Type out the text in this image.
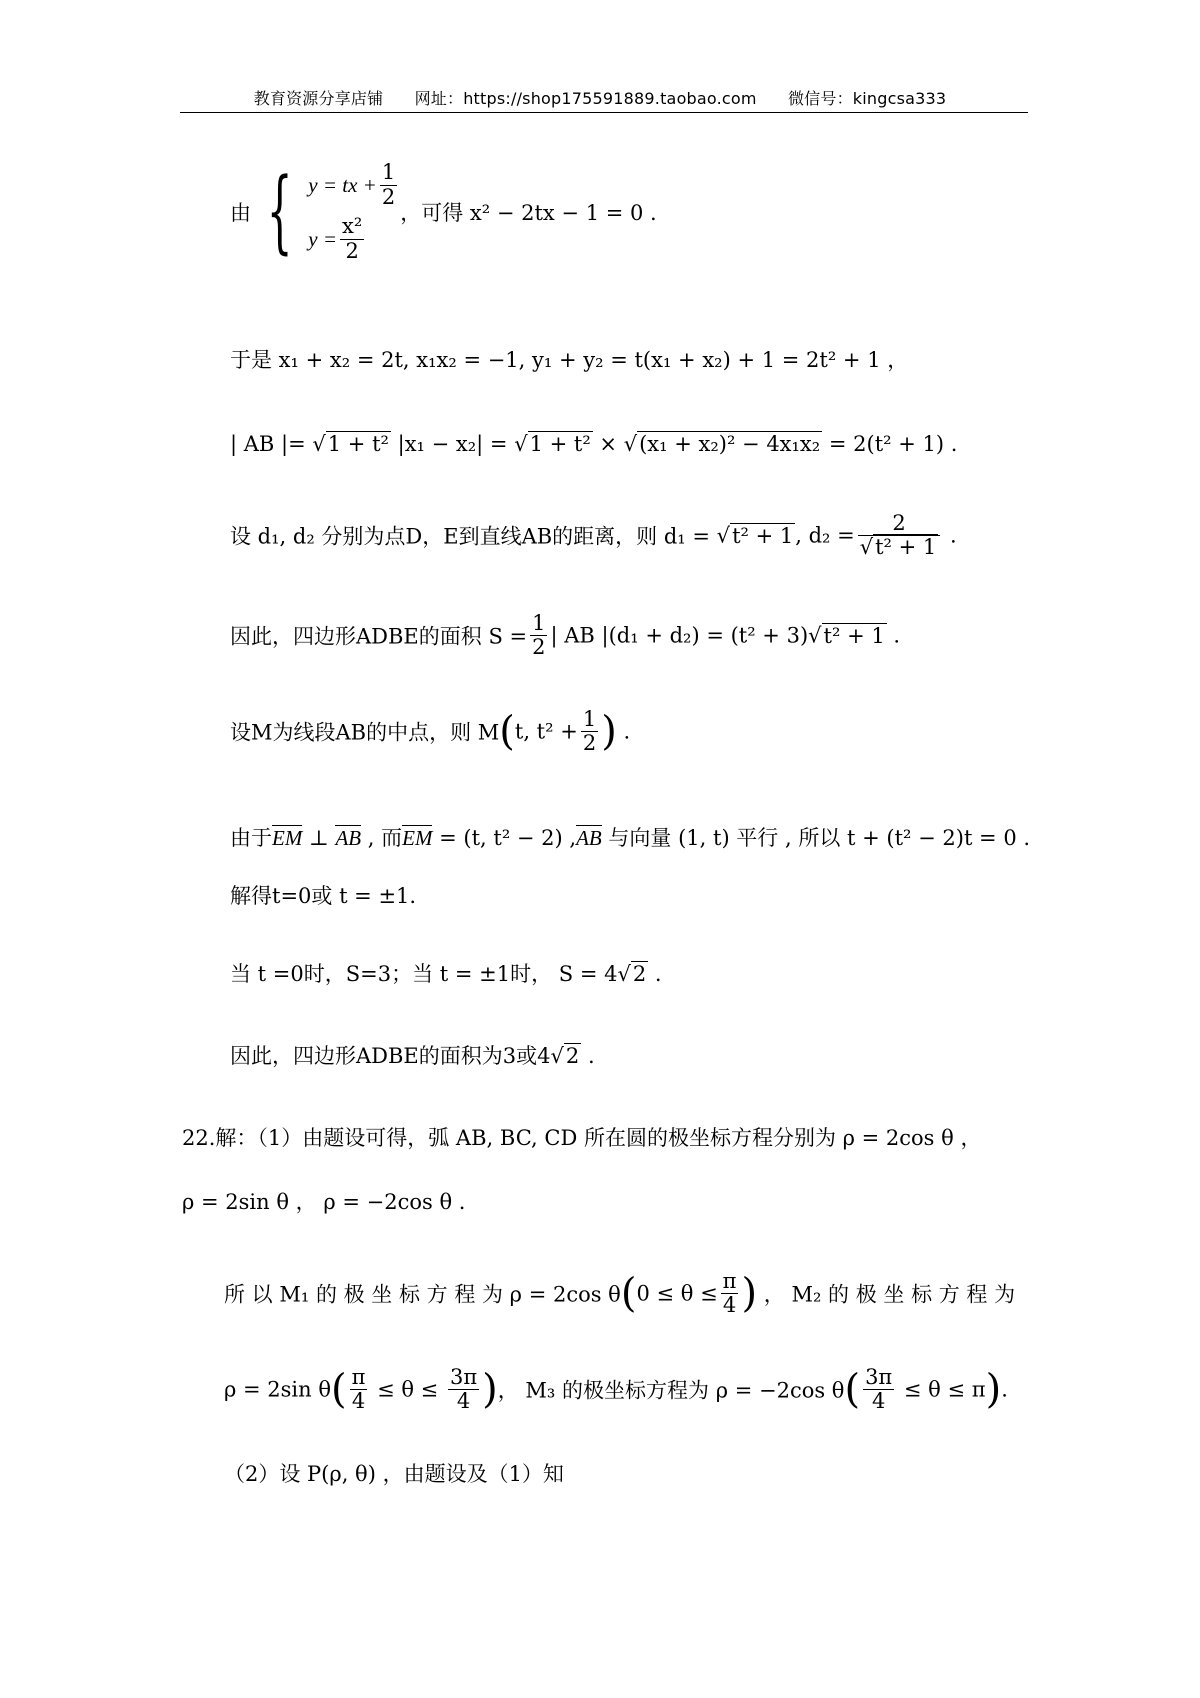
教育资源分享店铺 网址：https://shop175591889.taobao.com 微信号：kingcsa333
由 { y = tx + $\frac{1}{2}$
$y = \frac{\text{x²}}{2}$
，可得 x² − 2tx − 1 = 0 .
于是 x₁ + x₂ = 2t, x₁x₂ = −1, y₁ + y₂ = t(x₁ + x₂) + 1 = 2t² + 1 ，
| AB |= √1 + t² |x₁ − x₂| = √1 + t² × √(x₁ + x₂)² − 4x₁x₂ = 2(t² + 1) .
设 d₁, d₂ 分别为点D，E到直线AB的距离，则 d₁ = √t² + 1, $d_2 = \frac{2}{\text{√t² + 1}}$ .
因此，四边形ADBE的面积 $S = \frac{1}{2}$ | AB |(d₁ + d₂) = (t² + 3)√t² + 1 .
设M为线段AB的中点，则 M(t, $t^2 + \frac{1}{2}$ ) .
由于EM ⊥ AB , 而EM = (t, t² − 2) ,AB 与向量 (1, t) 平行 , 所以 t + (t² − 2)t = 0 .
解得t=0或 t = ±1.
当 t =0时，S=3；当 t = ±1时， S = 4√2 .
因此，四边形ADBE的面积为3或4√2 .
22.解：（1）由题设可得，弧 AB, BC, CD 所在圆的极坐标方程分别为 ρ = 2cos θ ，
ρ = 2sin θ ， ρ = −2cos θ .
所 以 M₁ 的 极 坐 标 方 程 为 ρ = 2cos $\theta(0 \le \theta \le \frac{\pi}{4}$ ) ， M₂ 的 极 坐 标 方 程 为
ρ = 2sin $\theta( \frac{\pi}{4} \le \theta \le \frac{3\pi}{4}$ )， M₃ 的极坐标方程为 ρ = −2cos $\theta( \frac{3\pi}{4} \le \theta \le \pi)$.
（2）设 P(ρ, θ) ，由题设及（1）知
